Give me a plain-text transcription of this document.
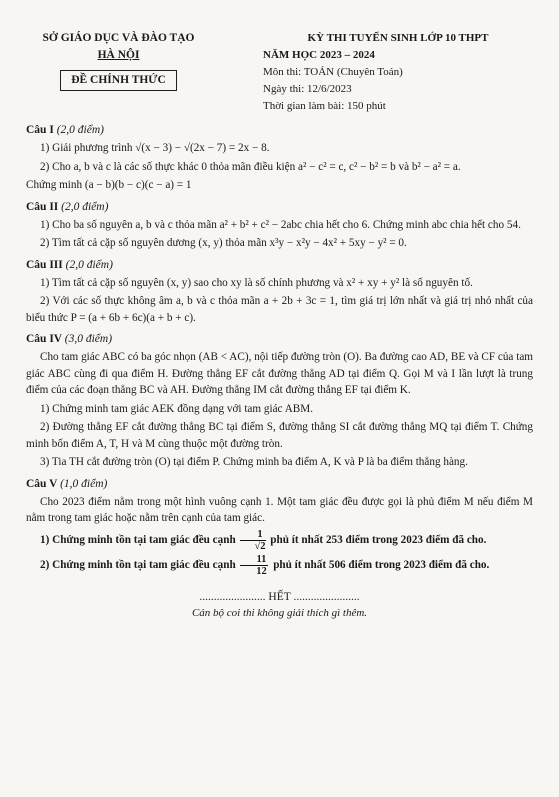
SỞ GIÁO DỤC VÀ ĐÀO TẠO
HÀ NỘI
ĐỀ CHÍNH THỨC
KỲ THI TUYỂN SINH LỚP 10 THPT
NĂM HỌC 2023 – 2024
Môn thi: TOÁN (Chuyên Toán)
Ngày thi: 12/6/2023
Thời gian làm bài: 150 phút
Câu I (2,0 điểm)
1) Giải phương trình √(x − 3) − √(2x − 7) = 2x − 8.
2) Cho a, b và c là các số thực khác 0 thỏa mãn điều kiện a² − c² = c, c² − b² = b và b² − a² = a.
Chứng minh (a − b)(b − c)(c − a) = 1
Câu II (2,0 điểm)
1) Cho ba số nguyên a, b và c thỏa mãn a² + b² + c² − 2abc chia hết cho 6. Chứng minh abc chia hết cho 54.
2) Tìm tất cả cặp số nguyên dương (x, y) thỏa mãn x³y − x²y − 4x² + 5xy − y² = 0.
Câu III (2,0 điểm)
1) Tìm tất cả cặp số nguyên (x, y) sao cho xy là số chính phương và x² + xy + y² là số nguyên tố.
2) Với các số thực không âm a, b và c thỏa mãn a + 2b + 3c = 1, tìm giá trị lớn nhất và giá trị nhỏ nhất của biểu thức P = (a + 6b + 6c)(a + b + c).
Câu IV (3,0 điểm)
Cho tam giác ABC có ba góc nhọn (AB < AC), nội tiếp đường tròn (O). Ba đường cao AD, BE và CF của tam giác ABC cùng đi qua điểm H. Đường thẳng EF cắt đường thẳng AD tại điểm Q. Gọi M và I lần lượt là trung điểm của các đoạn thẳng BC và AH. Đường thẳng IM cắt đường thẳng EF tại điểm K.
1) Chứng minh tam giác AEK đồng dạng với tam giác ABM.
2) Đường thẳng EF cắt đường thẳng BC tại điểm S, đường thẳng SI cắt đường thẳng MQ tại điểm T. Chứng minh bốn điểm A, T, H và M cùng thuộc một đường tròn.
3) Tia TH cắt đường tròn (O) tại điểm P. Chứng minh ba điểm A, K và P là ba điểm thẳng hàng.
Câu V (1,0 điểm)
Cho 2023 điểm nằm trong một hình vuông cạnh 1. Một tam giác đều được gọi là phủ điểm M nếu điểm M nằm trong tam giác hoặc nằm trên cạnh của tam giác.
1) Chứng minh tồn tại tam giác đều cạnh $\frac{1}{√2}$ phủ ít nhất 253 điểm trong 2023 điểm đã cho.
2) Chứng minh tồn tại tam giác đều cạnh $\frac{11}{12}$ phủ ít nhất 506 điểm trong 2023 điểm đã cho.
....................... HẾT .......................
Cán bộ coi thi không giải thích gì thêm.
